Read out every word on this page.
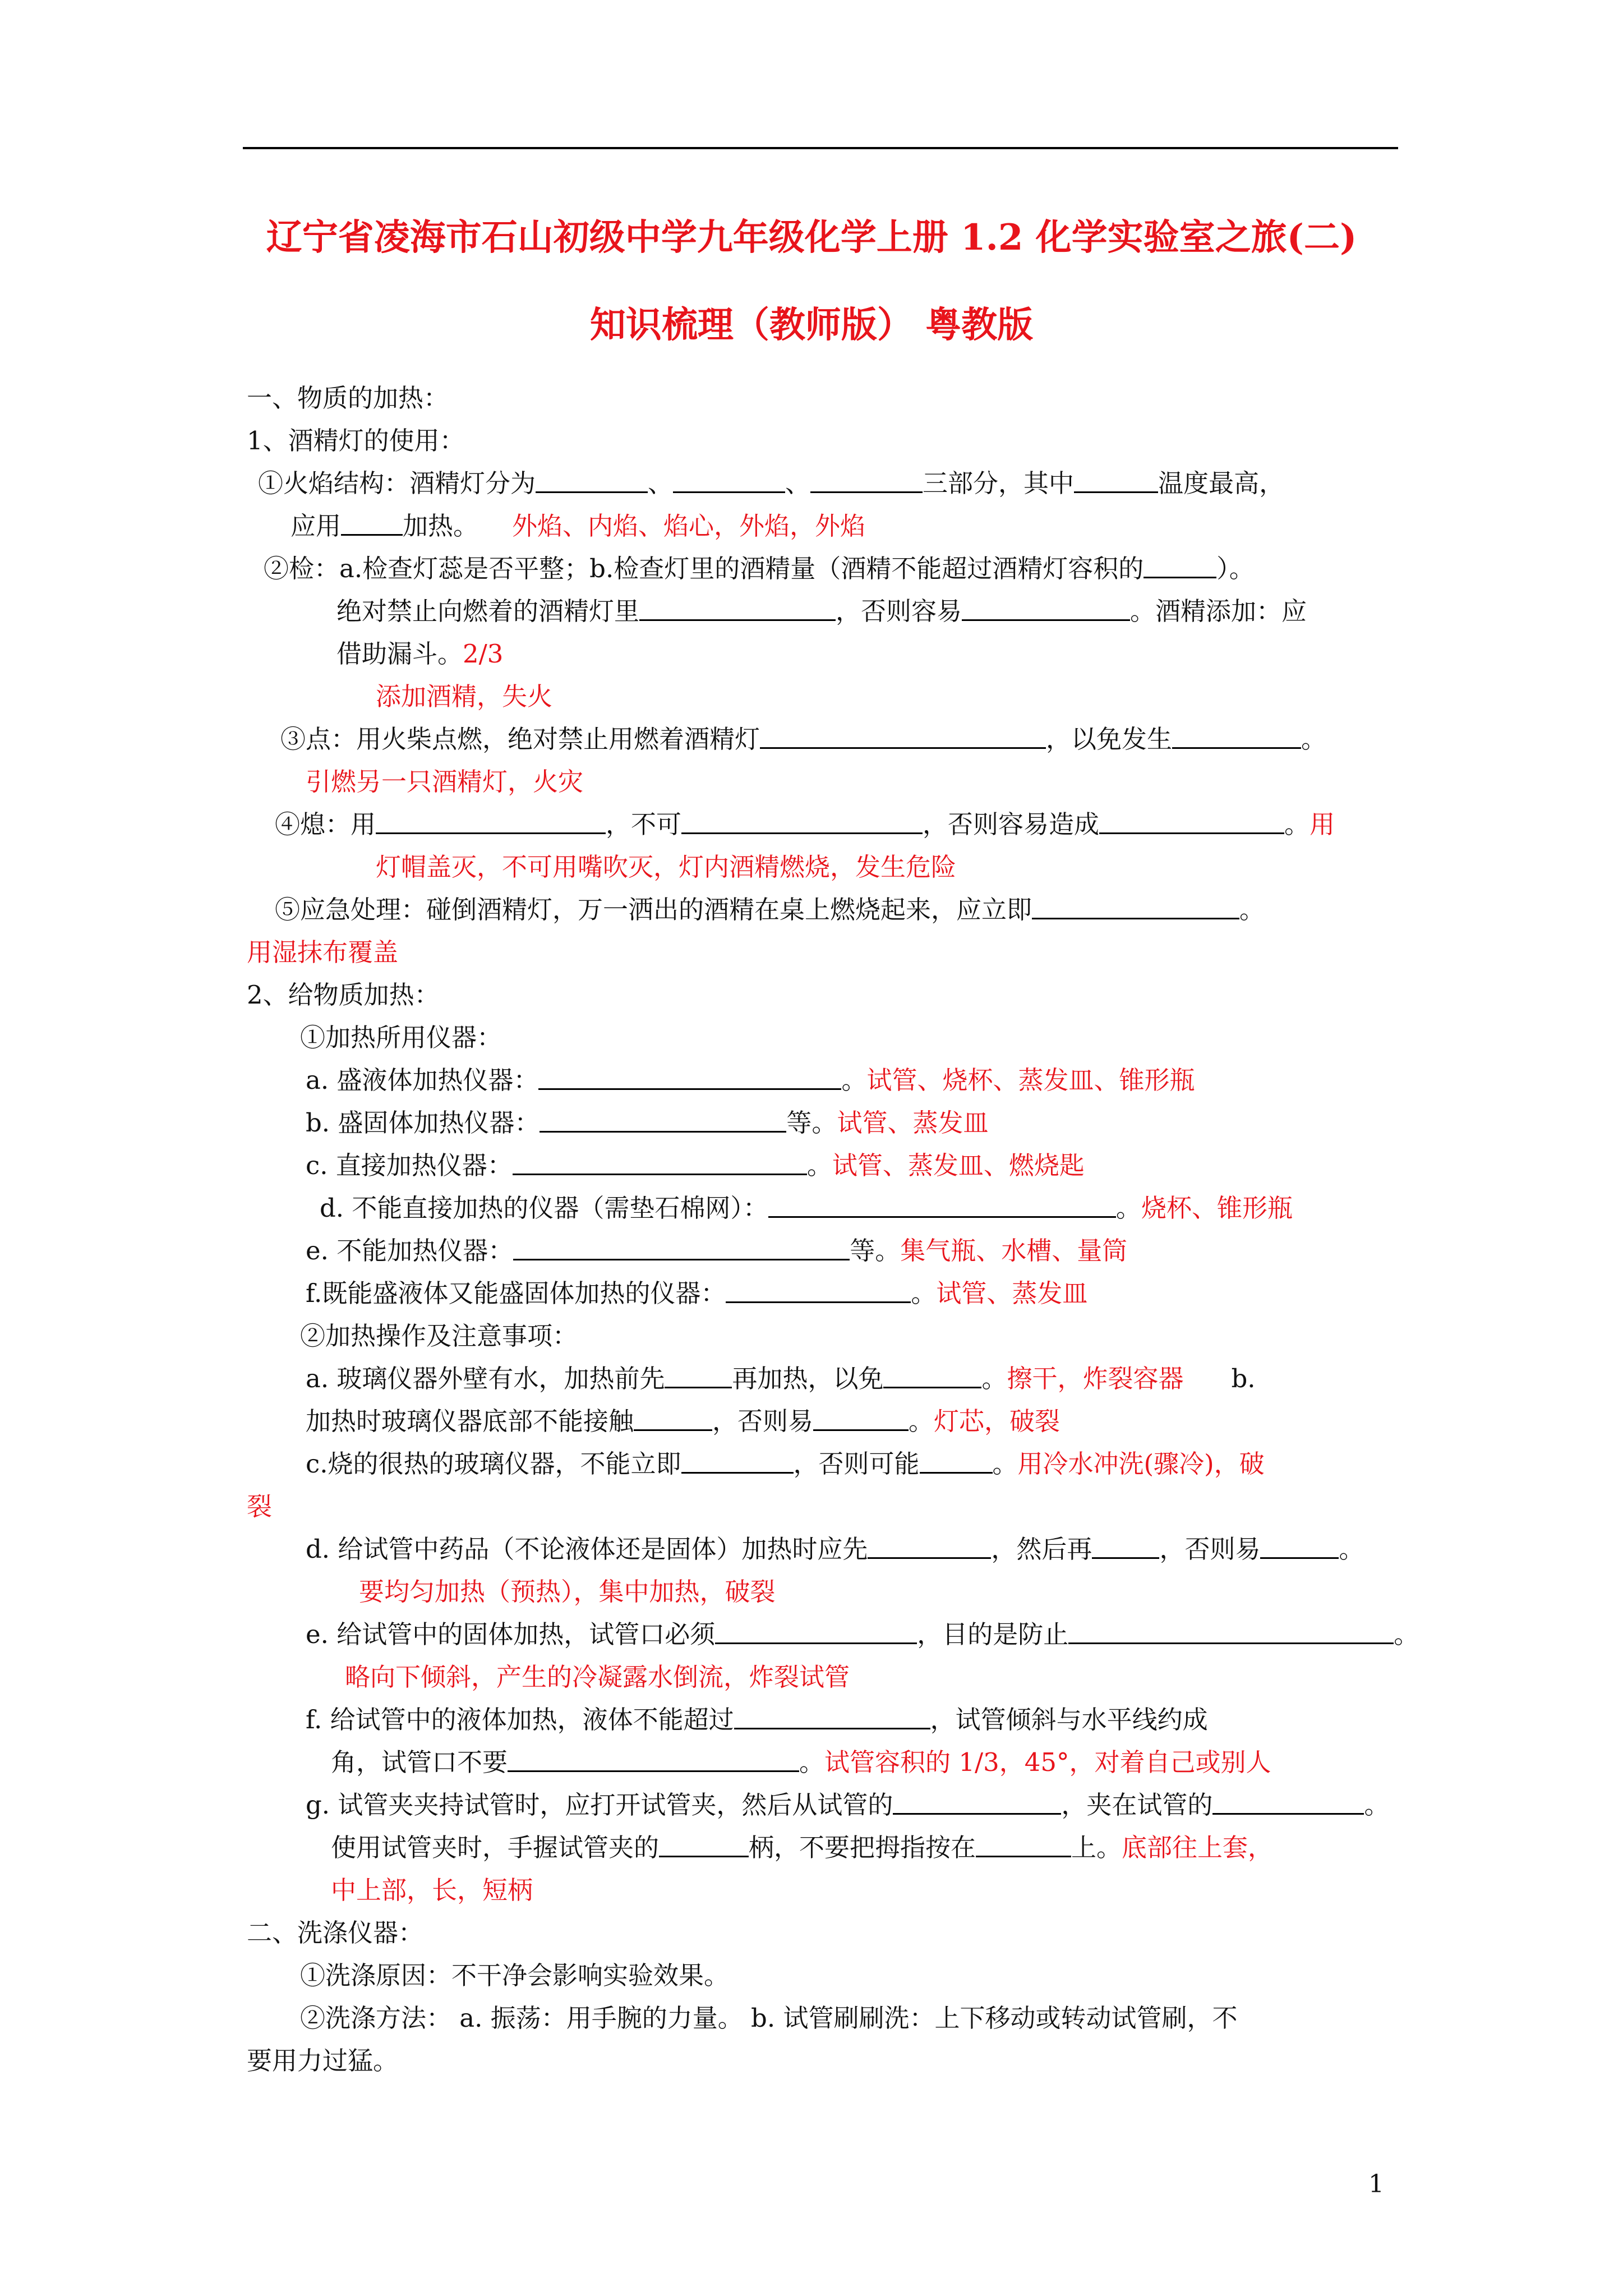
辽宁省凌海市石山初级中学九年级化学上册 1.2 化学实验室之旅(二)
知识梳理（教师版） 粤教版
一、物质的加热：
1、酒精灯的使用：
①火焰结构：酒精灯分为	、	、	三部分，其中	温度最高，
应用 加热。 外焰、内焰、焰心，外焰，外焰
②检：a.检查灯蕊是否平整；b.检查灯里的酒精量（酒精不能超过酒精灯容积的	）。
绝对禁止向燃着的酒精灯里	，否则容易	。酒精添加：应
借助漏斗。2/3
添加酒精，失火
③点：用火柴点燃，绝对禁止用燃着酒精灯	，以免发生	。
引燃另一只酒精灯，火灾
④熄：用	，不可	，否则容易造成	。用
灯帽盖灭，不可用嘴吹灭，灯内酒精燃烧，发生危险
⑤应急处理：碰倒酒精灯，万一洒出的酒精在桌上燃烧起来，应立即	。
用湿抹布覆盖
2、给物质加热：
①加热所用仪器：
a. 盛液体加热仪器：	。试管、烧杯、蒸发皿、锥形瓶
b. 盛固体加热仪器：	等。试管、蒸发皿
c. 直接加热仪器：	。试管、蒸发皿、燃烧匙
d. 不能直接加热的仪器（需垫石棉网）：	。烧杯、锥形瓶
e. 不能加热仪器：	等。集气瓶、水槽、量筒
f.既能盛液体又能盛固体加热的仪器：	。试管、蒸发皿
②加热操作及注意事项：
a. 玻璃仪器外壁有水，加热前先	再加热，以免	。擦干，炸裂容器 b.
加热时玻璃仪器底部不能接触	，否则易	。灯芯，破裂
c.烧的很热的玻璃仪器，不能立即	，否则可能	。用冷水冲洗(骤冷)，破
裂
d. 给试管中药品（不论液体还是固体）加热时应先	，然后再	，否则易	。
要均匀加热（预热），集中加热，破裂
e. 给试管中的固体加热，试管口必须	，目的是防止	。
略向下倾斜，产生的冷凝露水倒流，炸裂试管
f. 给试管中的液体加热，液体不能超过	，试管倾斜与水平线约成
角，试管口不要	。试管容积的 1/3，45°，对着自己或别人
g. 试管夹夹持试管时，应打开试管夹，然后从试管的	，夹在试管的	。
使用试管夹时，手握试管夹的	柄，不要把拇指按在	上。底部往上套，
中上部，长，短柄
二、洗涤仪器：
①洗涤原因：不干净会影响实验效果。
②洗涤方法： a. 振荡：用手腕的力量。 b. 试管刷刷洗：上下移动或转动试管刷，不
要用力过猛。
1
